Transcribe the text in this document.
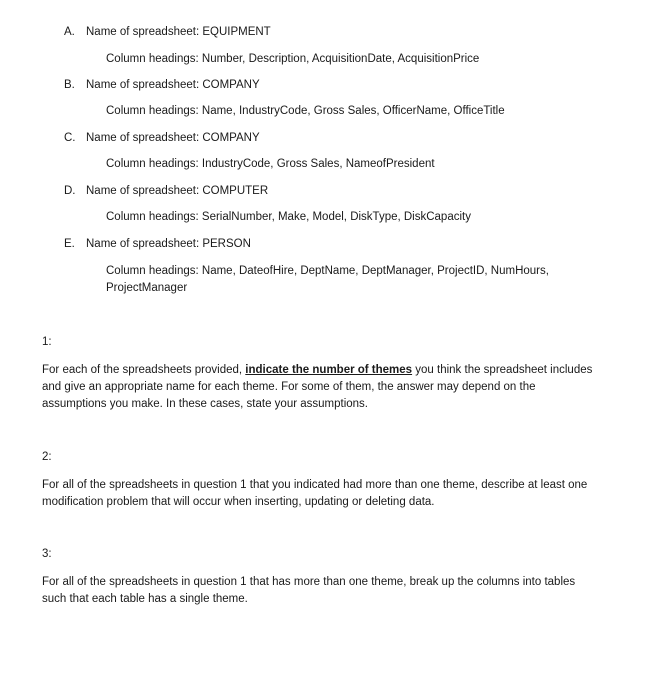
A. Name of spreadsheet: EQUIPMENT
Column headings: Number, Description, AcquisitionDate, AcquisitionPrice
B. Name of spreadsheet: COMPANY
Column headings: Name, IndustryCode, Gross Sales, OfficerName, OfficeTitle
C. Name of spreadsheet: COMPANY
Column headings: IndustryCode, Gross Sales, NameofPresident
D. Name of spreadsheet: COMPUTER
Column headings: SerialNumber, Make, Model, DiskType, DiskCapacity
E. Name of spreadsheet: PERSON
Column headings: Name, DateofHire, DeptName, DeptManager, ProjectID, NumHours, ProjectManager
1:
For each of the spreadsheets provided, indicate the number of themes you think the spreadsheet includes and give an appropriate name for each theme. For some of them, the answer may depend on the assumptions you make. In these cases, state your assumptions.
2:
For all of the spreadsheets in question 1 that you indicated had more than one theme, describe at least one modification problem that will occur when inserting, updating or deleting data.
3:
For all of the spreadsheets in question 1 that has more than one theme, break up the columns into tables such that each table has a single theme.
